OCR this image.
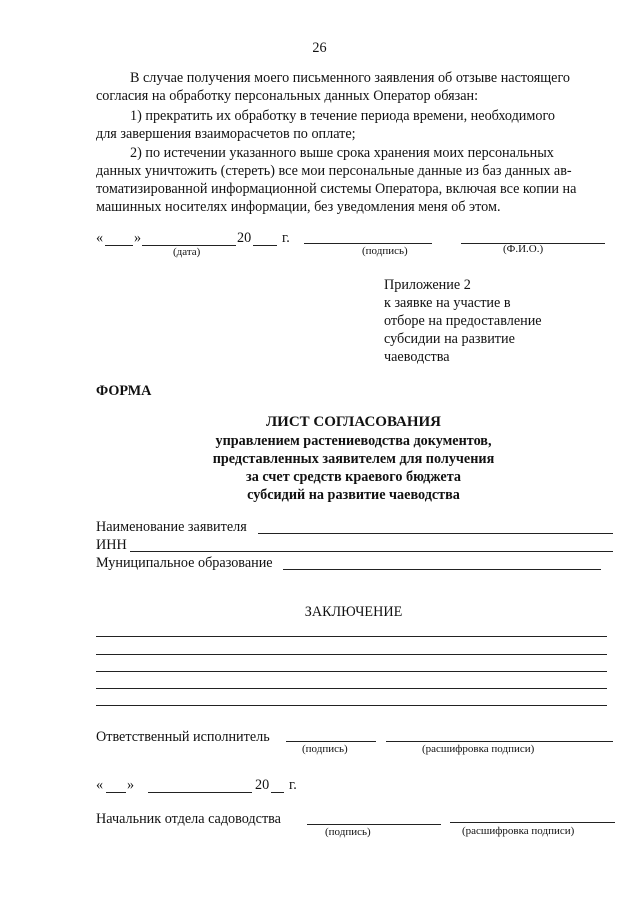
26
В случае получения моего письменного заявления об отзыве настоящего
согласия на обработку персональных данных Оператор обязан:
1) прекратить их обработку в течение периода времени, необходимого
для завершения взаиморасчетов по оплате;
2) по истечении указанного выше срока хранения моих персональных
данных уничтожить (стереть) все мои персональные данные из баз данных ав-
томатизированной информационной системы Оператора, включая все копии на
машинных носителях информации, без уведомления меня об этом.
« »	20 г.
(дата)	(подпись)	(Ф.И.О.)
Приложение 2
к заявке на участие в
отборе на предоставление
субсидии на развитие
чаеводства
ФОРМА
ЛИСТ СОГЛАСОВАНИЯ
управлением растениеводства документов,
представленных заявителем для получения
за счет средств краевого бюджета
субсидий на развитие чаеводства
Наименование заявителя
ИНН
Муниципальное образование
ЗАКЛЮЧЕНИЕ
Ответственный исполнитель
(подпись)	(расшифровка подписи)
« »	20 г.
Начальник отдела садоводства
(подпись)	(расшифровка подписи)
